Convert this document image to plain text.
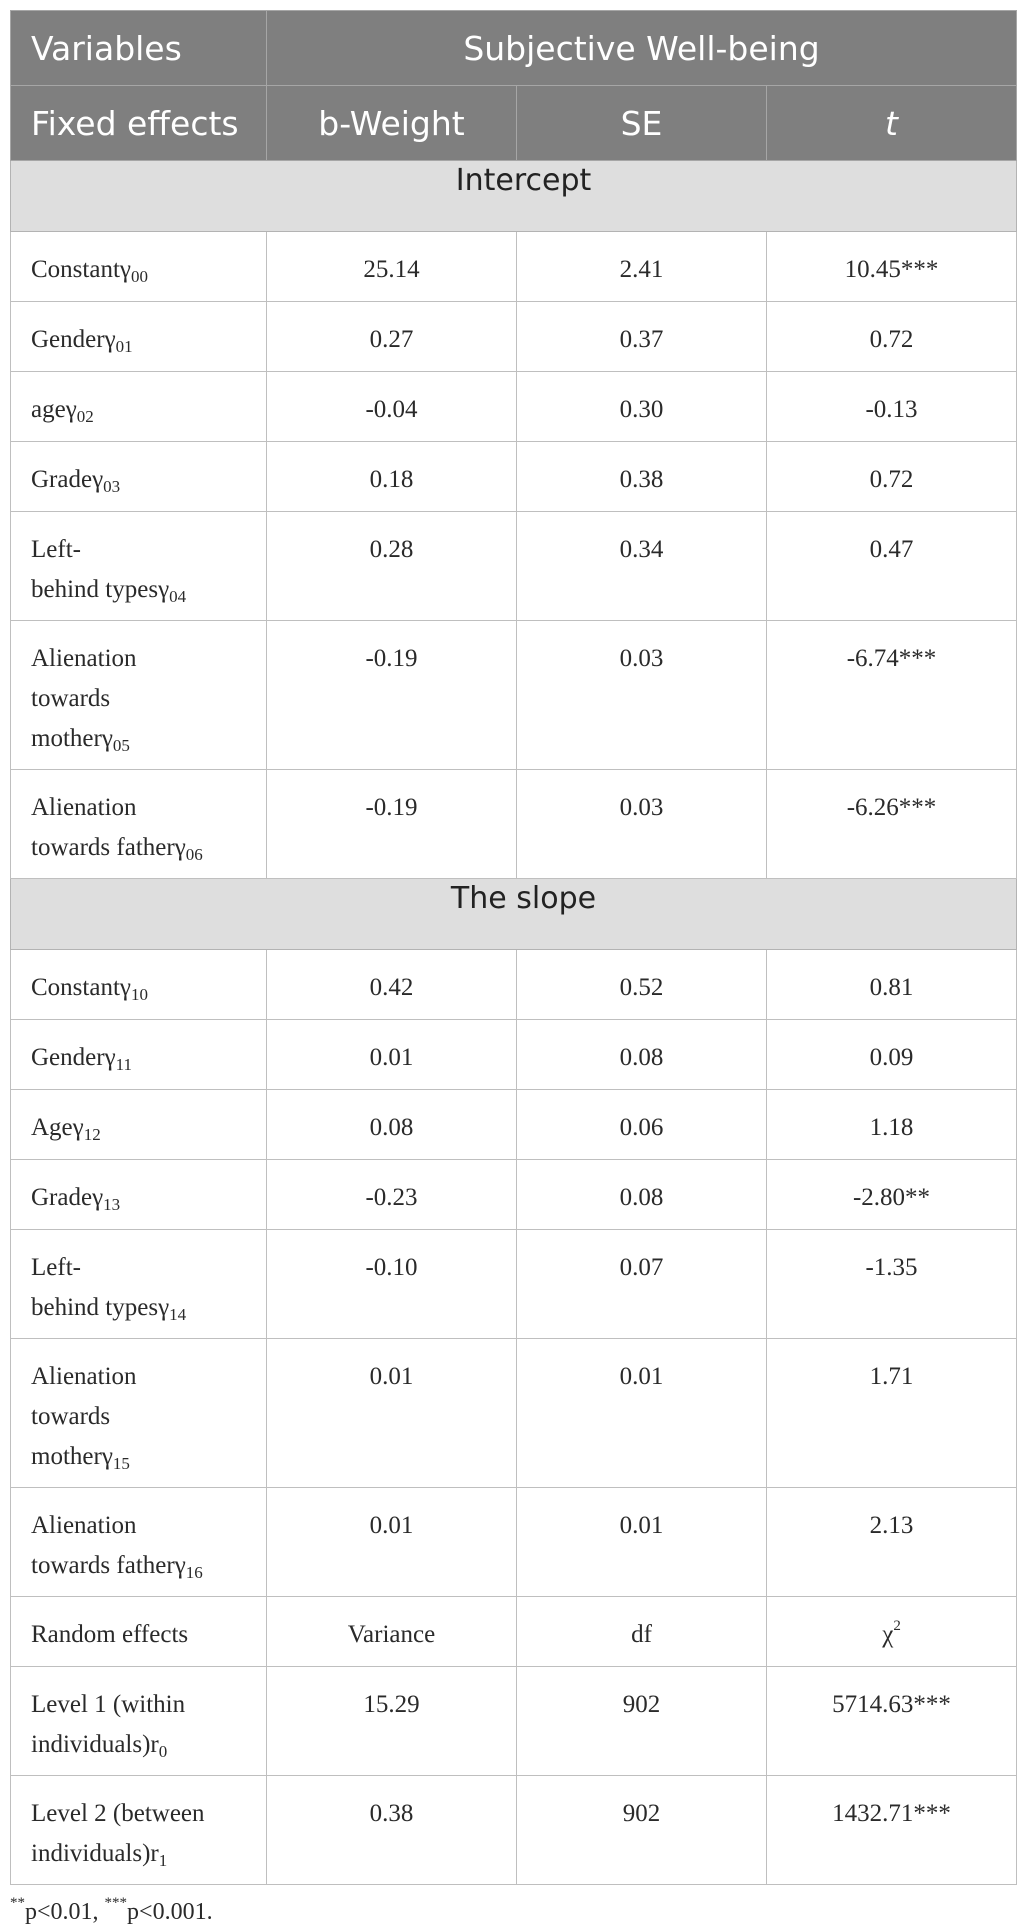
Variables	Subjective Well-being		
Fixed effects	b-Weight	SE	t
Intercept			
Constantγ$_{00}$	25.14	2.41	10.45***
Genderγ$_{01}$	0.27	0.37	0.72
ageγ$_{02}$	-0.04	0.30	-0.13
Gradeγ$_{03}$	0.18	0.38	0.72
Left-
behind typesγ$_{04}$	0.28	0.34	0.47
Alienation
towards
motherγ$_{05}$	-0.19	0.03	-6.74***
Alienation
towards fatherγ$_{06}$	-0.19	0.03	-6.26***
The slope			
Constantγ$_{10}$	0.42	0.52	0.81
Genderγ$_{11}$	0.01	0.08	0.09
Ageγ$_{12}$	0.08	0.06	1.18
Gradeγ$_{13}$	-0.23	0.08	-2.80**
Left-
behind typesγ$_{14}$	-0.10	0.07	-1.35
Alienation
towards
motherγ$_{15}$	0.01	0.01	1.71
Alienation
towards fatherγ$_{16}$	0.01	0.01	2.13
Random effects	Variance	df	$\chi^2$
Level 1 (within
$individuals)r_0$	15.29	902	5714.63***
Level 2 (between
$individuals)r_1$	0.38	902	1432.71***
**p<0.01, ***p<0.001.
